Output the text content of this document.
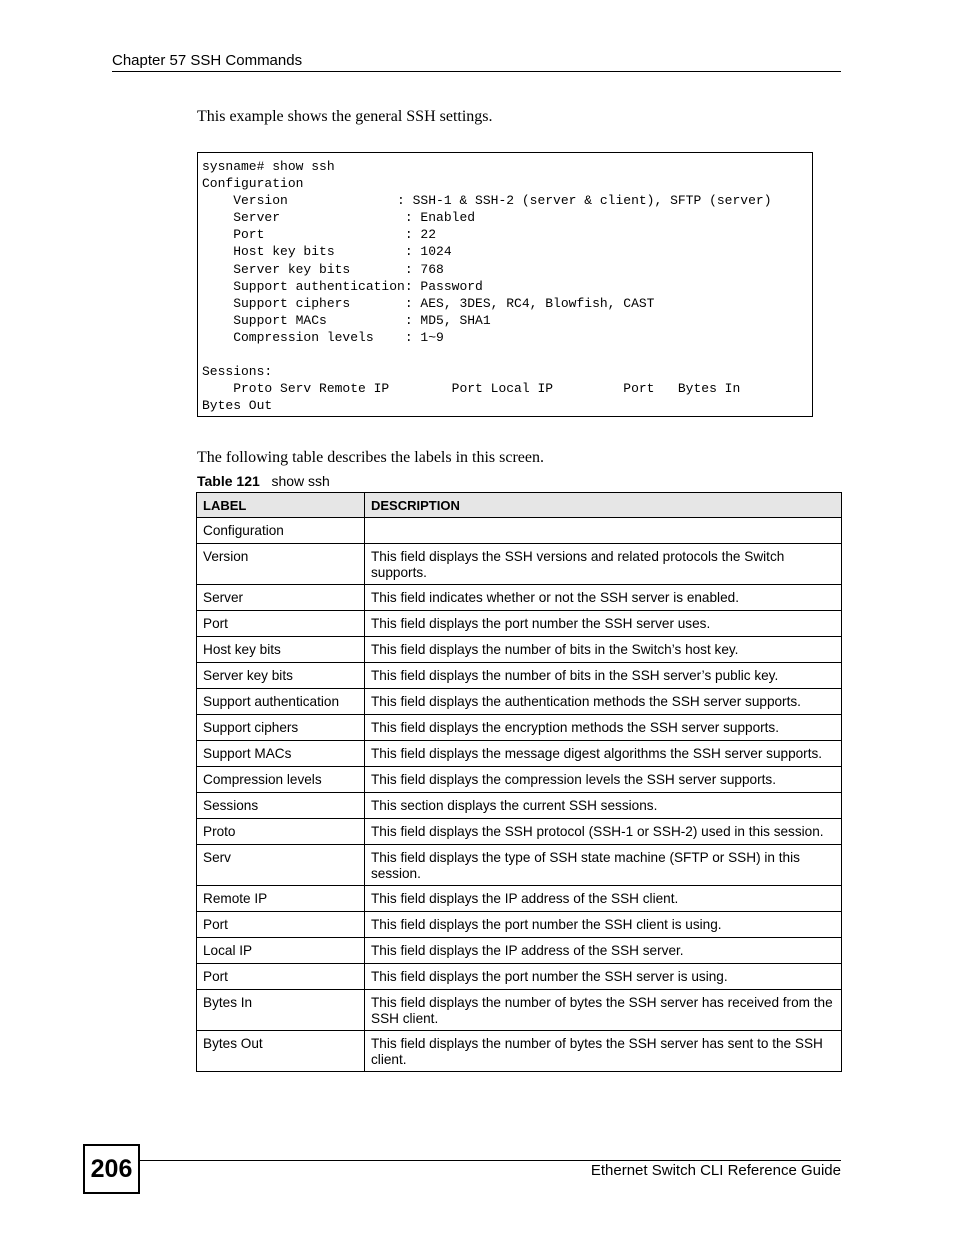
Chapter 57 SSH Commands
This example shows the general SSH settings.
sysname# show ssh
Configuration
Version              : SSH-1 & SSH-2 (server & client), SFTP (server)
Server                : Enabled
Port                  : 22
Host key bits         : 1024
Server key bits       : 768
Support authentication: Password
Support ciphers       : AES, 3DES, RC4, Blowfish, CAST
Support MACs          : MD5, SHA1
Compression levels    : 1~9

Sessions:
Proto Serv Remote IP        Port Local IP         Port   Bytes In
Bytes Out
The following table describes the labels in this screen.
Table 121 show ssh
LABEL	DESCRIPTION
Configuration	
Version	This field displays the SSH versions and related protocols the Switch supports.
Server	This field indicates whether or not the SSH server is enabled.
Port	This field displays the port number the SSH server uses.
Host key bits	This field displays the number of bits in the Switch’s host key.
Server key bits	This field displays the number of bits in the SSH server’s public key.
Support authentication	This field displays the authentication methods the SSH server supports.
Support ciphers	This field displays the encryption methods the SSH server supports.
Support MACs	This field displays the message digest algorithms the SSH server supports.
Compression levels	This field displays the compression levels the SSH server supports.
Sessions	This section displays the current SSH sessions.
Proto	This field displays the SSH protocol (SSH-1 or SSH-2) used in this session.
Serv	This field displays the type of SSH state machine (SFTP or SSH) in this session.
Remote IP	This field displays the IP address of the SSH client.
Port	This field displays the port number the SSH client is using.
Local IP	This field displays the IP address of the SSH server.
Port	This field displays the port number the SSH server is using.
Bytes In	This field displays the number of bytes the SSH server has received from the SSH client.
Bytes Out	This field displays the number of bytes the SSH server has sent to the SSH client.
206	Ethernet Switch CLI Reference Guide
